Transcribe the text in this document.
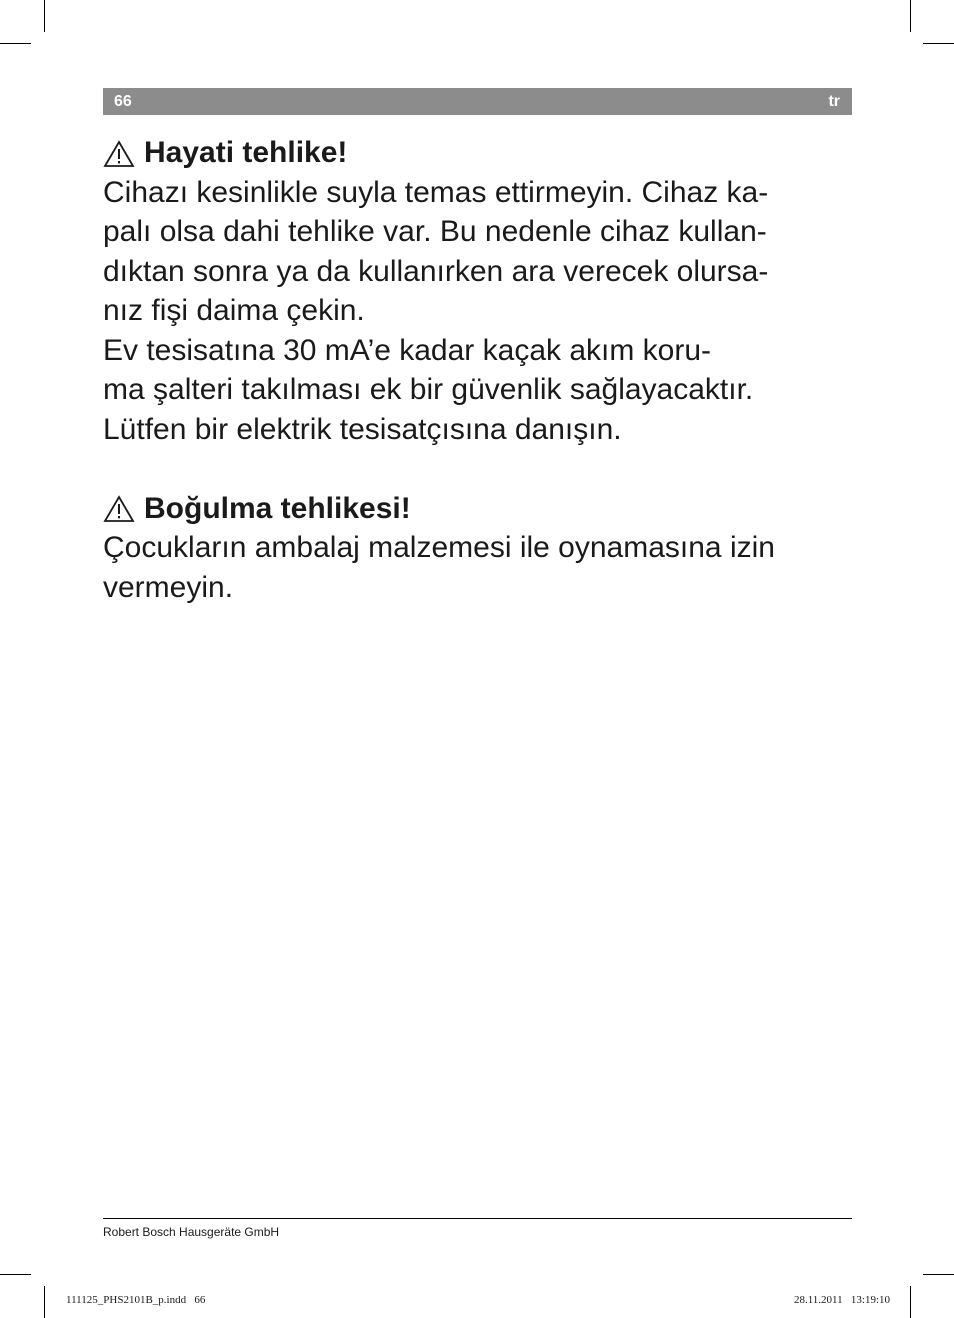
66	tr

Hayati tehlike!

Cihazı kesinlikle suyla temas ettirmeyin. Cihaz ka-

palı olsa dahi tehlike var. Bu nedenle cihaz kullan-

dıktan sonra ya da kullanırken ara verecek olursa-

nız fişi daima çekin.

Ev tesisatına 30 mA’e kadar kaçak akım koru-

ma şalteri takılması ek bir güvenlik sağlayacaktır.

Lütfen bir elektrik tesisatçısına danışın.

Boğulma tehlikesi!

Çocukların ambalaj malzemesi ile oynamasına izin

vermeyin.

Robert Bosch Hausgeräte GmbH
111125_PHS2101B_p.indd   66	28.11.2011   13:19:10
